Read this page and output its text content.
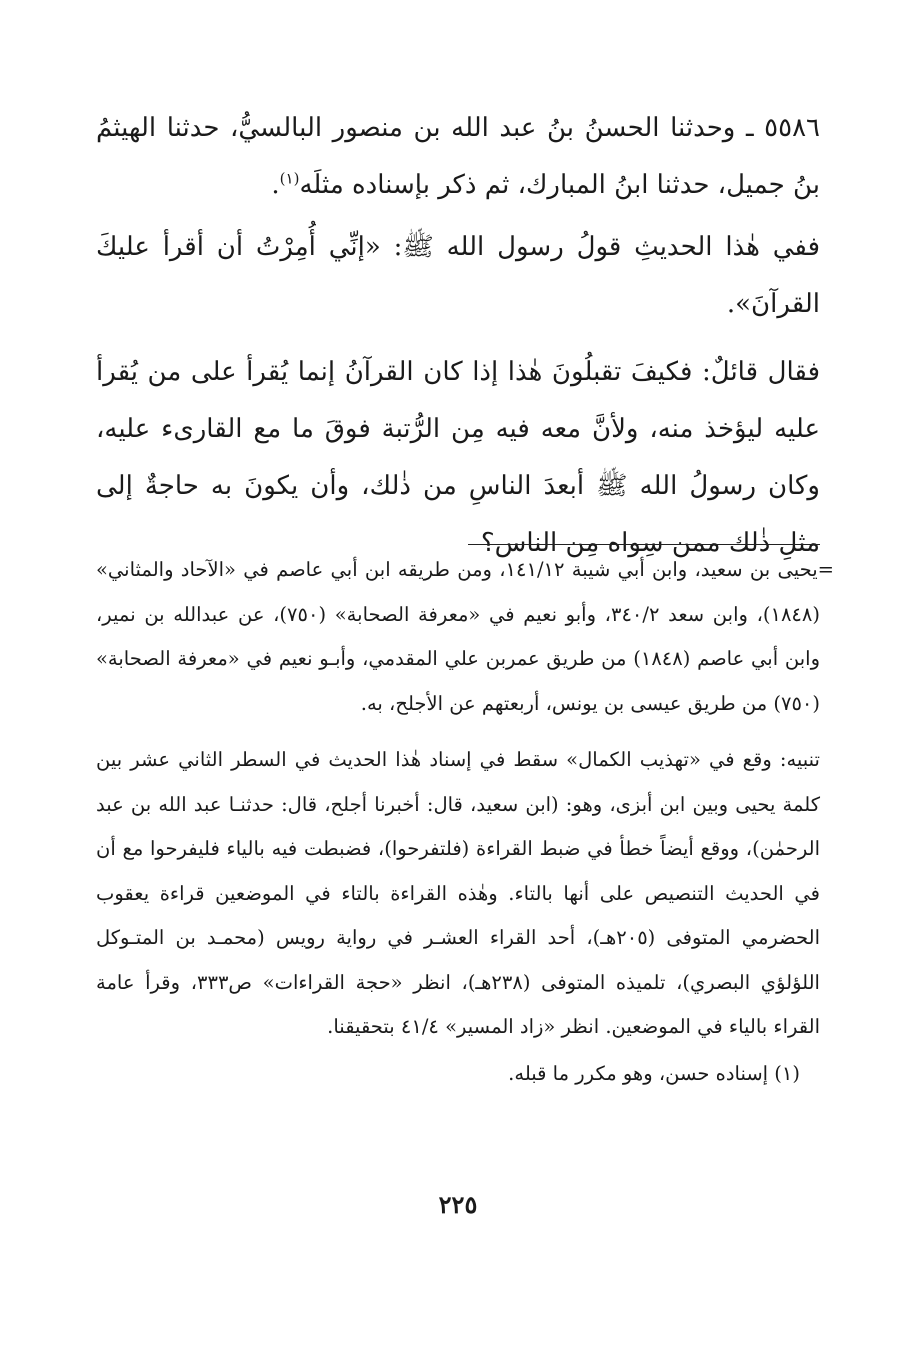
٥٥٨٦ ـ وحدثنا الحسنُ بنُ عبد الله بن منصور البالسيُّ، حدثنا الهيثمُ بنُ جميل، حدثنا ابنُ المبارك، ثم ذكر بإسناده مثلَه$^{(١)}$.

ففي هٰذا الحديثِ قولُ رسول الله ﷺ: «إنِّي أُمِرْتُ أن أقرأ عليكَ القرآنَ».

فقال قائلٌ: فكيفَ تقبلُونَ هٰذا إذا كان القرآنُ إنما يُقرأ على من يُقرأ عليه ليؤخذ منه، ولأنَّ معه فيه مِن الرُّتبة فوقَ ما مع القارىء عليه، وكان رسولُ الله ﷺ أبعدَ الناسِ من ذٰلك، وأن يكونَ به حاجةٌ إلى مثلِ ذٰلك ممن سِواه مِن الناس؟

=يحيى بن سعيد، وابن أبي شيبة ١٤١/١٢، ومن طريقه ابن أبي عاصم في «الآحاد والمثاني» (١٨٤٨)، وابن سعد ٣٤٠/٢، وأبو نعيم في «معرفة الصحابة» (٧٥٠)، عن عبدالله بن نمير، وابن أبي عاصم (١٨٤٨) من طريق عمربن علي المقدمي، وأبـو نعيم في «معرفة الصحابة» (٧٥٠) من طريق عيسى بن يونس، أربعتهم عن الأجلح، به.

تنبيه: وقع في «تهذيب الكمال» سقط في إسناد هٰذا الحديث في السطر الثاني عشر بين كلمة يحيى وبين ابن أبزى، وهو: (ابن سعيد، قال: أخبرنا أجلح، قال: حدثنـا عبد الله بن عبد الرحمٰن)، ووقع أيضاً خطأ في ضبط القراءة (فلتفرحوا)، فضبطت فيه بالياء فليفرحوا مع أن في الحديث التنصيص على أنها بالتاء. وهٰذه القراءة بالتاء في الموضعين قراءة يعقوب الحضرمي المتوفى (٢٠٥هـ)، أحد القراء العشـر في رواية رويس (محمـد بن المتـوكل اللؤلؤي البصري)، تلميذه المتوفى (٢٣٨هـ)، انظر «حجة القراءات» ص٣٣٣، وقرأ عامة القراء بالياء في الموضعين. انظر «زاد المسير» ٤١/٤ بتحقيقنا.

(١) إسناده حسن، وهو مكرر ما قبله.

٢٢٥
